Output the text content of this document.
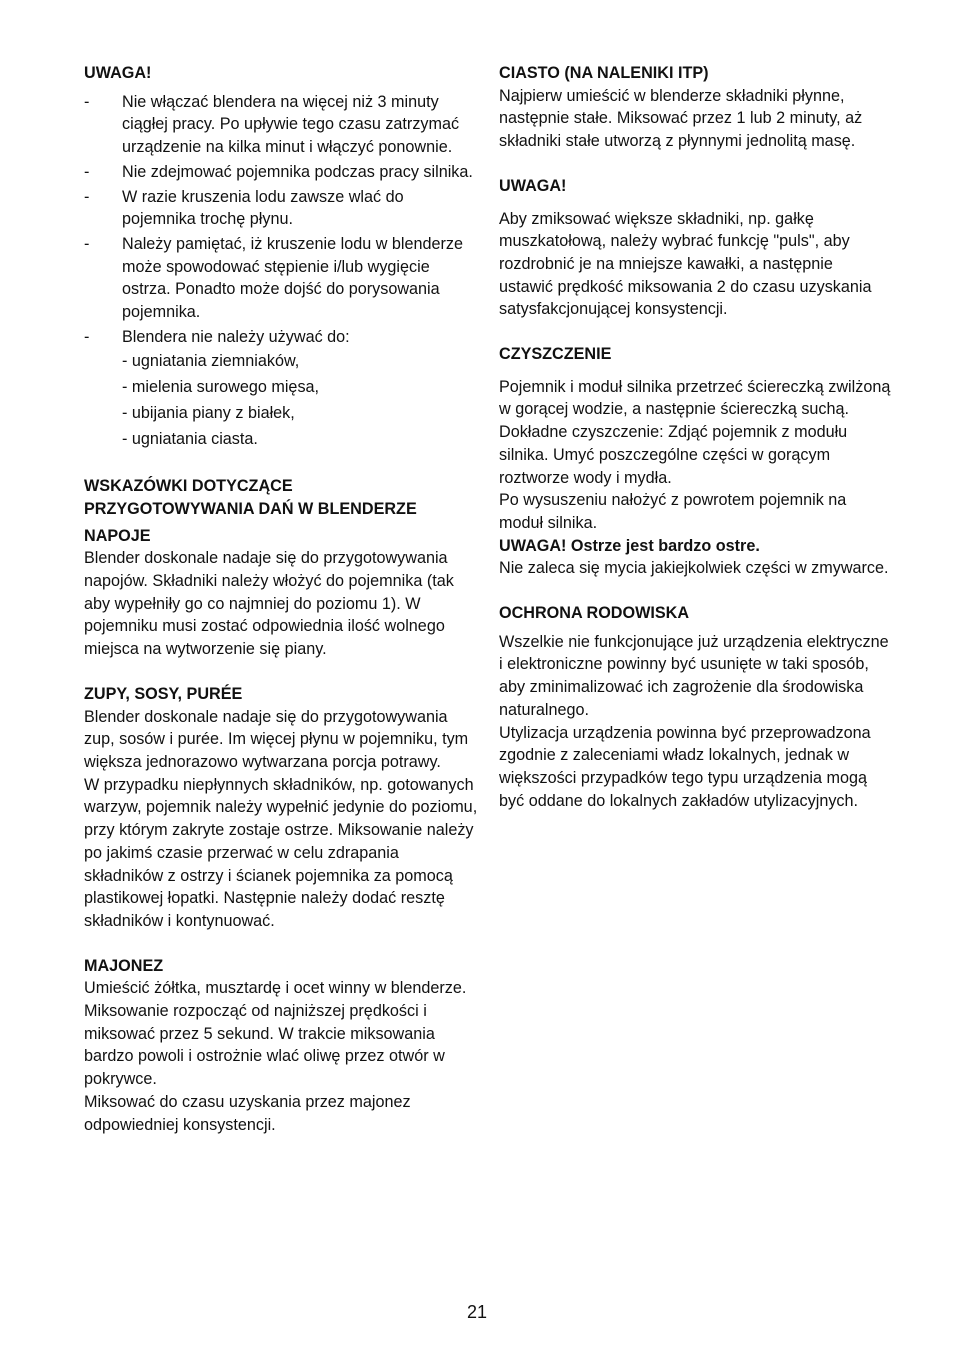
UWAGA!
- Nie włączać blendera na więcej niż 3 minuty ciągłej pracy. Po upływie tego czasu zatrzymać urządzenie na kilka minut i włączyć ponownie.
- Nie zdejmować pojemnika podczas pracy silnika.
- W razie kruszenia lodu zawsze wlać do pojemnika trochę płynu.
- Należy pamiętać, iż kruszenie lodu w blenderze może spowodować stępienie i/lub wygięcie ostrza. Ponadto może dojść do porysowania pojemnika.
- Blendera nie należy używać do:
- ugniatania ziemniaków,
- mielenia surowego mięsa,
- ubijania piany z białek,
- ugniatania ciasta.
WSKAZÓWKI DOTYCZĄCE
PRZYGOTOWYWANIA DAŃ W BLENDERZE
NAPOJE

Blender doskonale nadaje się do przygotowywania napojów. Składniki należy włożyć do pojemnika (tak aby wypełniły go co najmniej do poziomu 1). W pojemniku musi zostać odpowiednia ilość wolnego miejsca na wytworzenie się piany.

ZUPY, SOSY, PURÉE

Blender doskonale nadaje się do przygotowywania zup, sosów i purée. Im więcej płynu w pojemniku, tym większa jednorazowo wytwarzana porcja potrawy.

W przypadku niepłynnych składników, np. gotowanych warzyw, pojemnik należy wypełnić jedynie do poziomu, przy którym zakryte zostaje ostrze. Miksowanie należy po jakimś czasie przerwać w celu zdrapania składników z ostrzy i ścianek pojemnika za pomocą plastikowej łopatki. Następnie należy dodać resztę składników i kontynuować.

MAJONEZ

Umieścić żółtka, musztardę i ocet winny w blenderze. Miksowanie rozpocząć od najniższej prędkości i miksować przez 5 sekund. W trakcie miksowania bardzo powoli i ostrożnie wlać oliwę przez otwór w pokrywce.

Miksować do czasu uzyskania przez majonez odpowiedniej konsystencji.

CIASTO (NA NALENIKI ITP)

Najpierw umieścić w blenderze składniki płynne, następnie stałe. Miksować przez 1 lub 2 minuty, aż składniki stałe utworzą z płynnymi jednolitą masę.

UWAGA!

Aby zmiksować większe składniki, np. gałkę muszkatołową, należy wybrać funkcję "puls", aby rozdrobnić je na mniejsze kawałki, a następnie ustawić prędkość miksowania 2 do czasu uzyskania satysfakcjonującej konsystencji.

CZYSZCZENIE

Pojemnik i moduł silnika przetrzeć ściereczką zwilżoną w gorącej wodzie, a następnie ściereczką suchą.

Dokładne czyszczenie: Zdjąć pojemnik z modułu silnika. Umyć poszczególne części w gorącym roztworze wody i mydła.

Po wysuszeniu nałożyć z powrotem pojemnik na moduł silnika.

UWAGA! Ostrze jest bardzo ostre.

Nie zaleca się mycia jakiejkolwiek części w zmywarce.

OCHRONA RODOWISKA

Wszelkie nie funkcjonujące już urządzenia elektryczne i elektroniczne powinny być usunięte w taki sposób, aby zminimalizować ich zagrożenie dla środowiska naturalnego.

Utylizacja urządzenia powinna być przeprowadzona zgodnie z zaleceniami władz lokalnych, jednak w większości przypadków tego typu urządzenia mogą być oddane do lokalnych zakładów utylizacyjnych.

21
